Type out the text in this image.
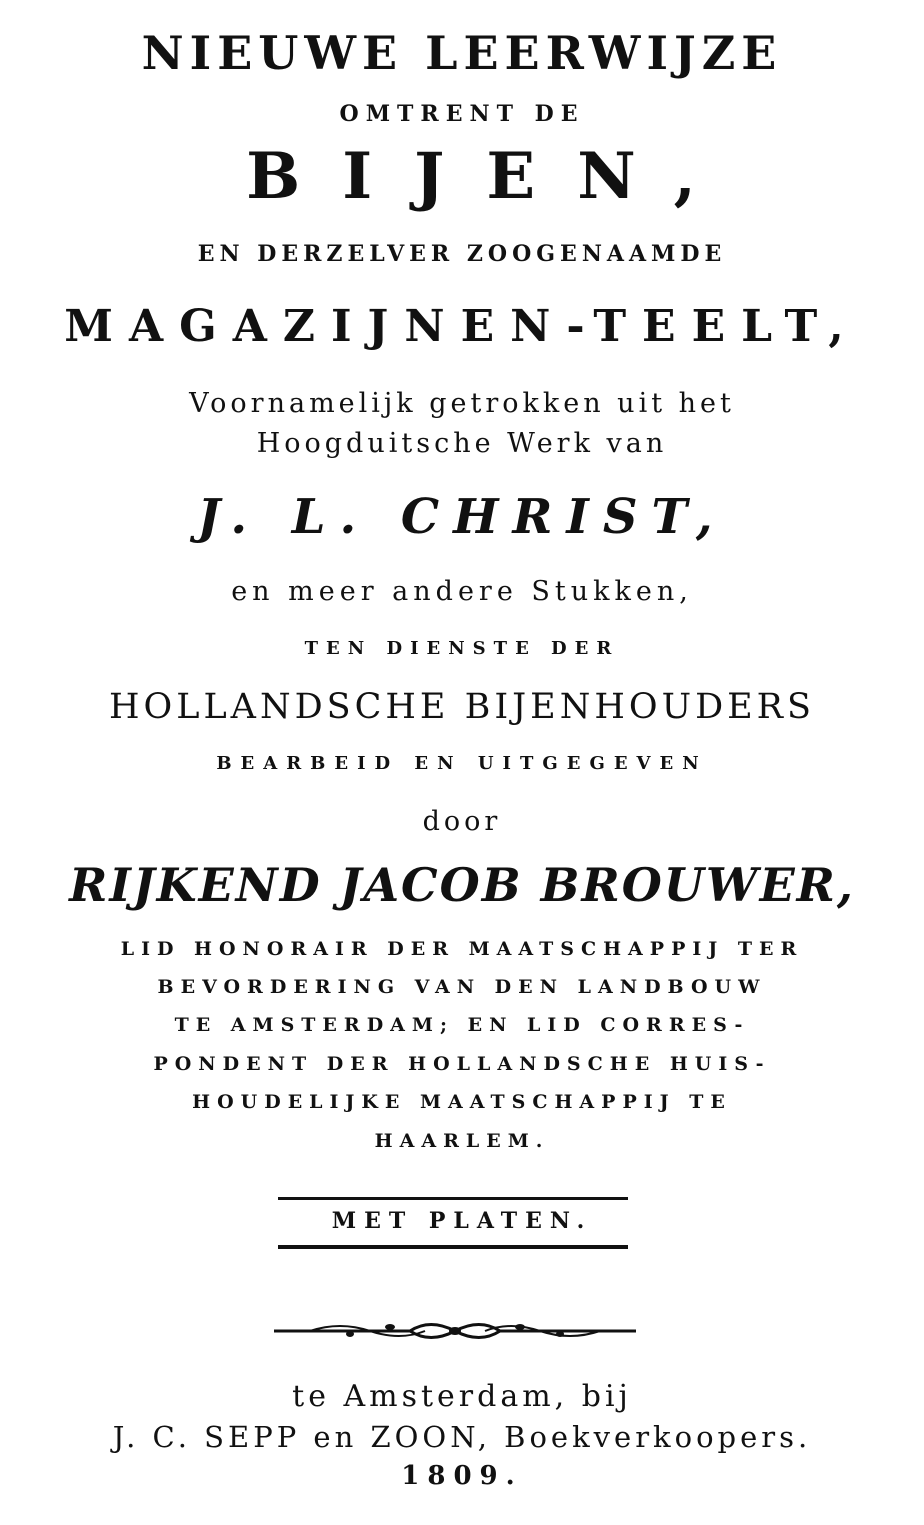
NIEUWE LEERWIJZE
OMTRENT DE
BIJEN,
EN DERZELVER ZOOGENAAMDE
MAGAZIJNEN-TEELT,
Voornamelijk getrokken uit het
Hoogduitsche Werk van
J. L. CHRIST,
en meer andere Stukken,
TEN DIENSTE DER
HOLLANDSCHE BIJENHOUDERS
BEARBEID EN UITGEGEVEN
door
RIJKEND JACOB BROUWER,
LID HONORAIR DER MAATSCHAPPIJ TER
BEVORDERING VAN DEN LANDBOUW
TE AMSTERDAM; EN LID CORRES-
PONDENT DER HOLLANDSCHE HUIS-
HOUDELIJKE MAATSCHAPPIJ TE
HAARLEM.
MET PLATEN.
te Amsterdam, bij
J. C. SEPP en ZOON, Boekverkoopers.
1809.
